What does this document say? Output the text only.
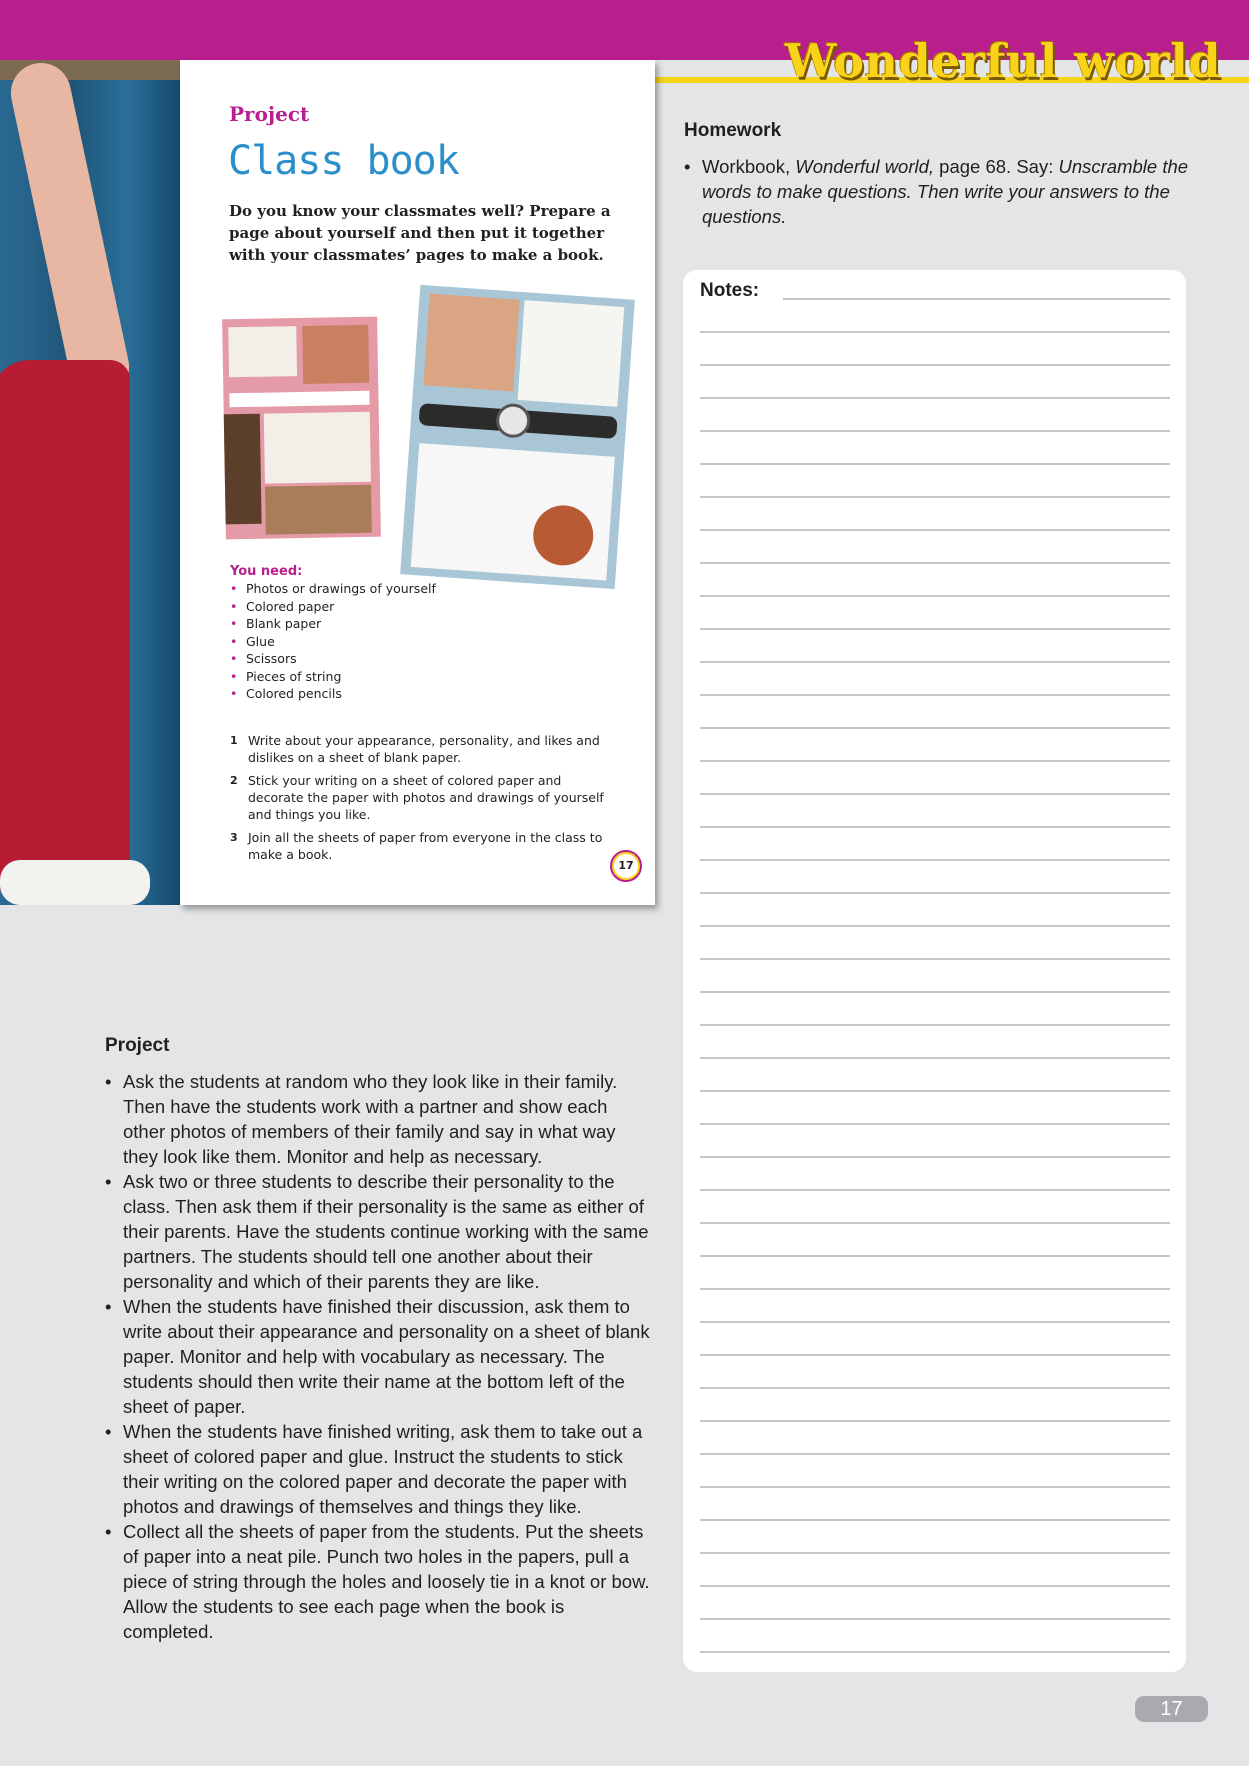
Wonderful world
Project
Class book
Do you know your classmates well? Prepare a page about yourself and then put it together with your classmates’ pages to make a book.
You need:
• Photos or drawings of yourself
• Colored paper
• Blank paper
• Glue
• Scissors
• Pieces of string
• Colored pencils
1 Write about your appearance, personality, and likes and dislikes on a sheet of blank paper.
2 Stick your writing on a sheet of colored paper and decorate the paper with photos and drawings of yourself and things you like.
3 Join all the sheets of paper from everyone in the class to make a book.
17
Homework
• Workbook, Wonderful world, page 68. Say: Unscramble the words to make questions. Then write your answers to the questions.
Notes:
Project
• Ask the students at random who they look like in their family. Then have the students work with a partner and show each other photos of members of their family and say in what way they look like them. Monitor and help as necessary.
• Ask two or three students to describe their personality to the class. Then ask them if their personality is the same as either of their parents. Have the students continue working with the same partners. The students should tell one another about their personality and which of their parents they are like.
• When the students have finished their discussion, ask them to write about their appearance and personality on a sheet of blank paper. Monitor and help with vocabulary as necessary. The students should then write their name at the bottom left of the sheet of paper.
• When the students have finished writing, ask them to take out a sheet of colored paper and glue. Instruct the students to stick their writing on the colored paper and decorate the paper with photos and drawings of themselves and things they like.
• Collect all the sheets of paper from the students. Put the sheets of paper into a neat pile. Punch two holes in the papers, pull a piece of string through the holes and loosely tie in a knot or bow. Allow the students to see each page when the book is completed.
17
